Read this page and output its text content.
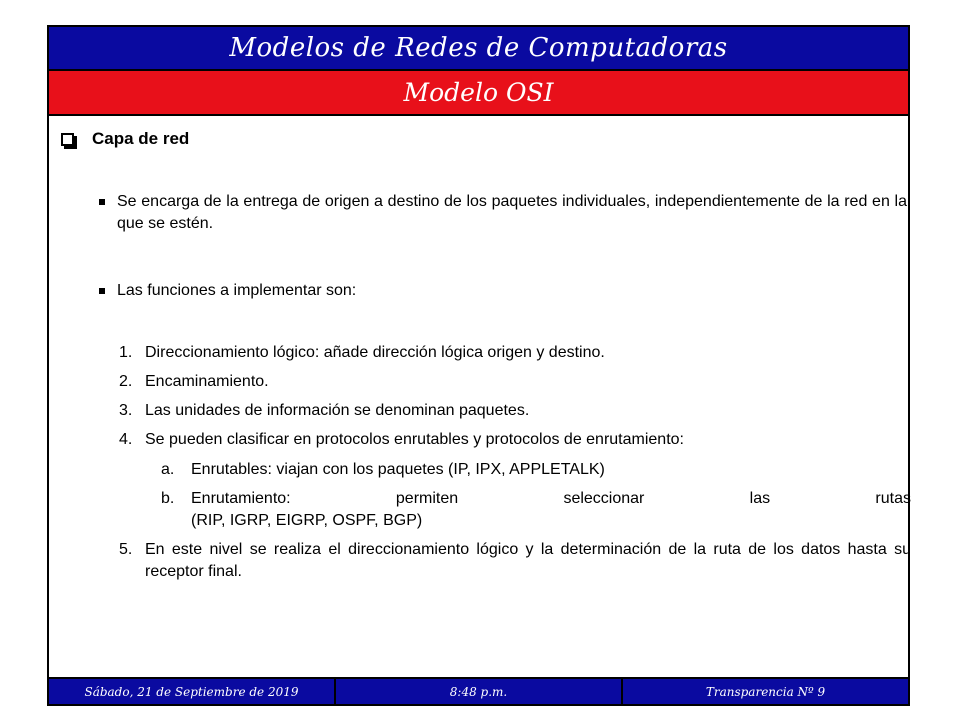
Modelos de Redes de Computadoras
Modelo OSI
Capa de red
Se encarga de la entrega de origen a destino de los paquetes individuales, independientemente de la red en la que se estén.
Las funciones a implementar son:
1. Direccionamiento lógico: añade dirección lógica origen y destino.
2. Encaminamiento.
3. Las unidades de información se denominan paquetes.
4. Se pueden clasificar en protocolos enrutables y protocolos de enrutamiento:
a.	Enrutables: viajan con los paquetes (IP, IPX, APPLETALK)
b.	Enrutamiento: permiten seleccionar las rutas
(RIP, IGRP, EIGRP, OSPF, BGP)
5. En este nivel se realiza el direccionamiento lógico y la determinación de la ruta de los datos hasta su receptor final.
Sábado, 21 de Septiembre de 2019	8:48 p.m.	Transparencia Nº 9
